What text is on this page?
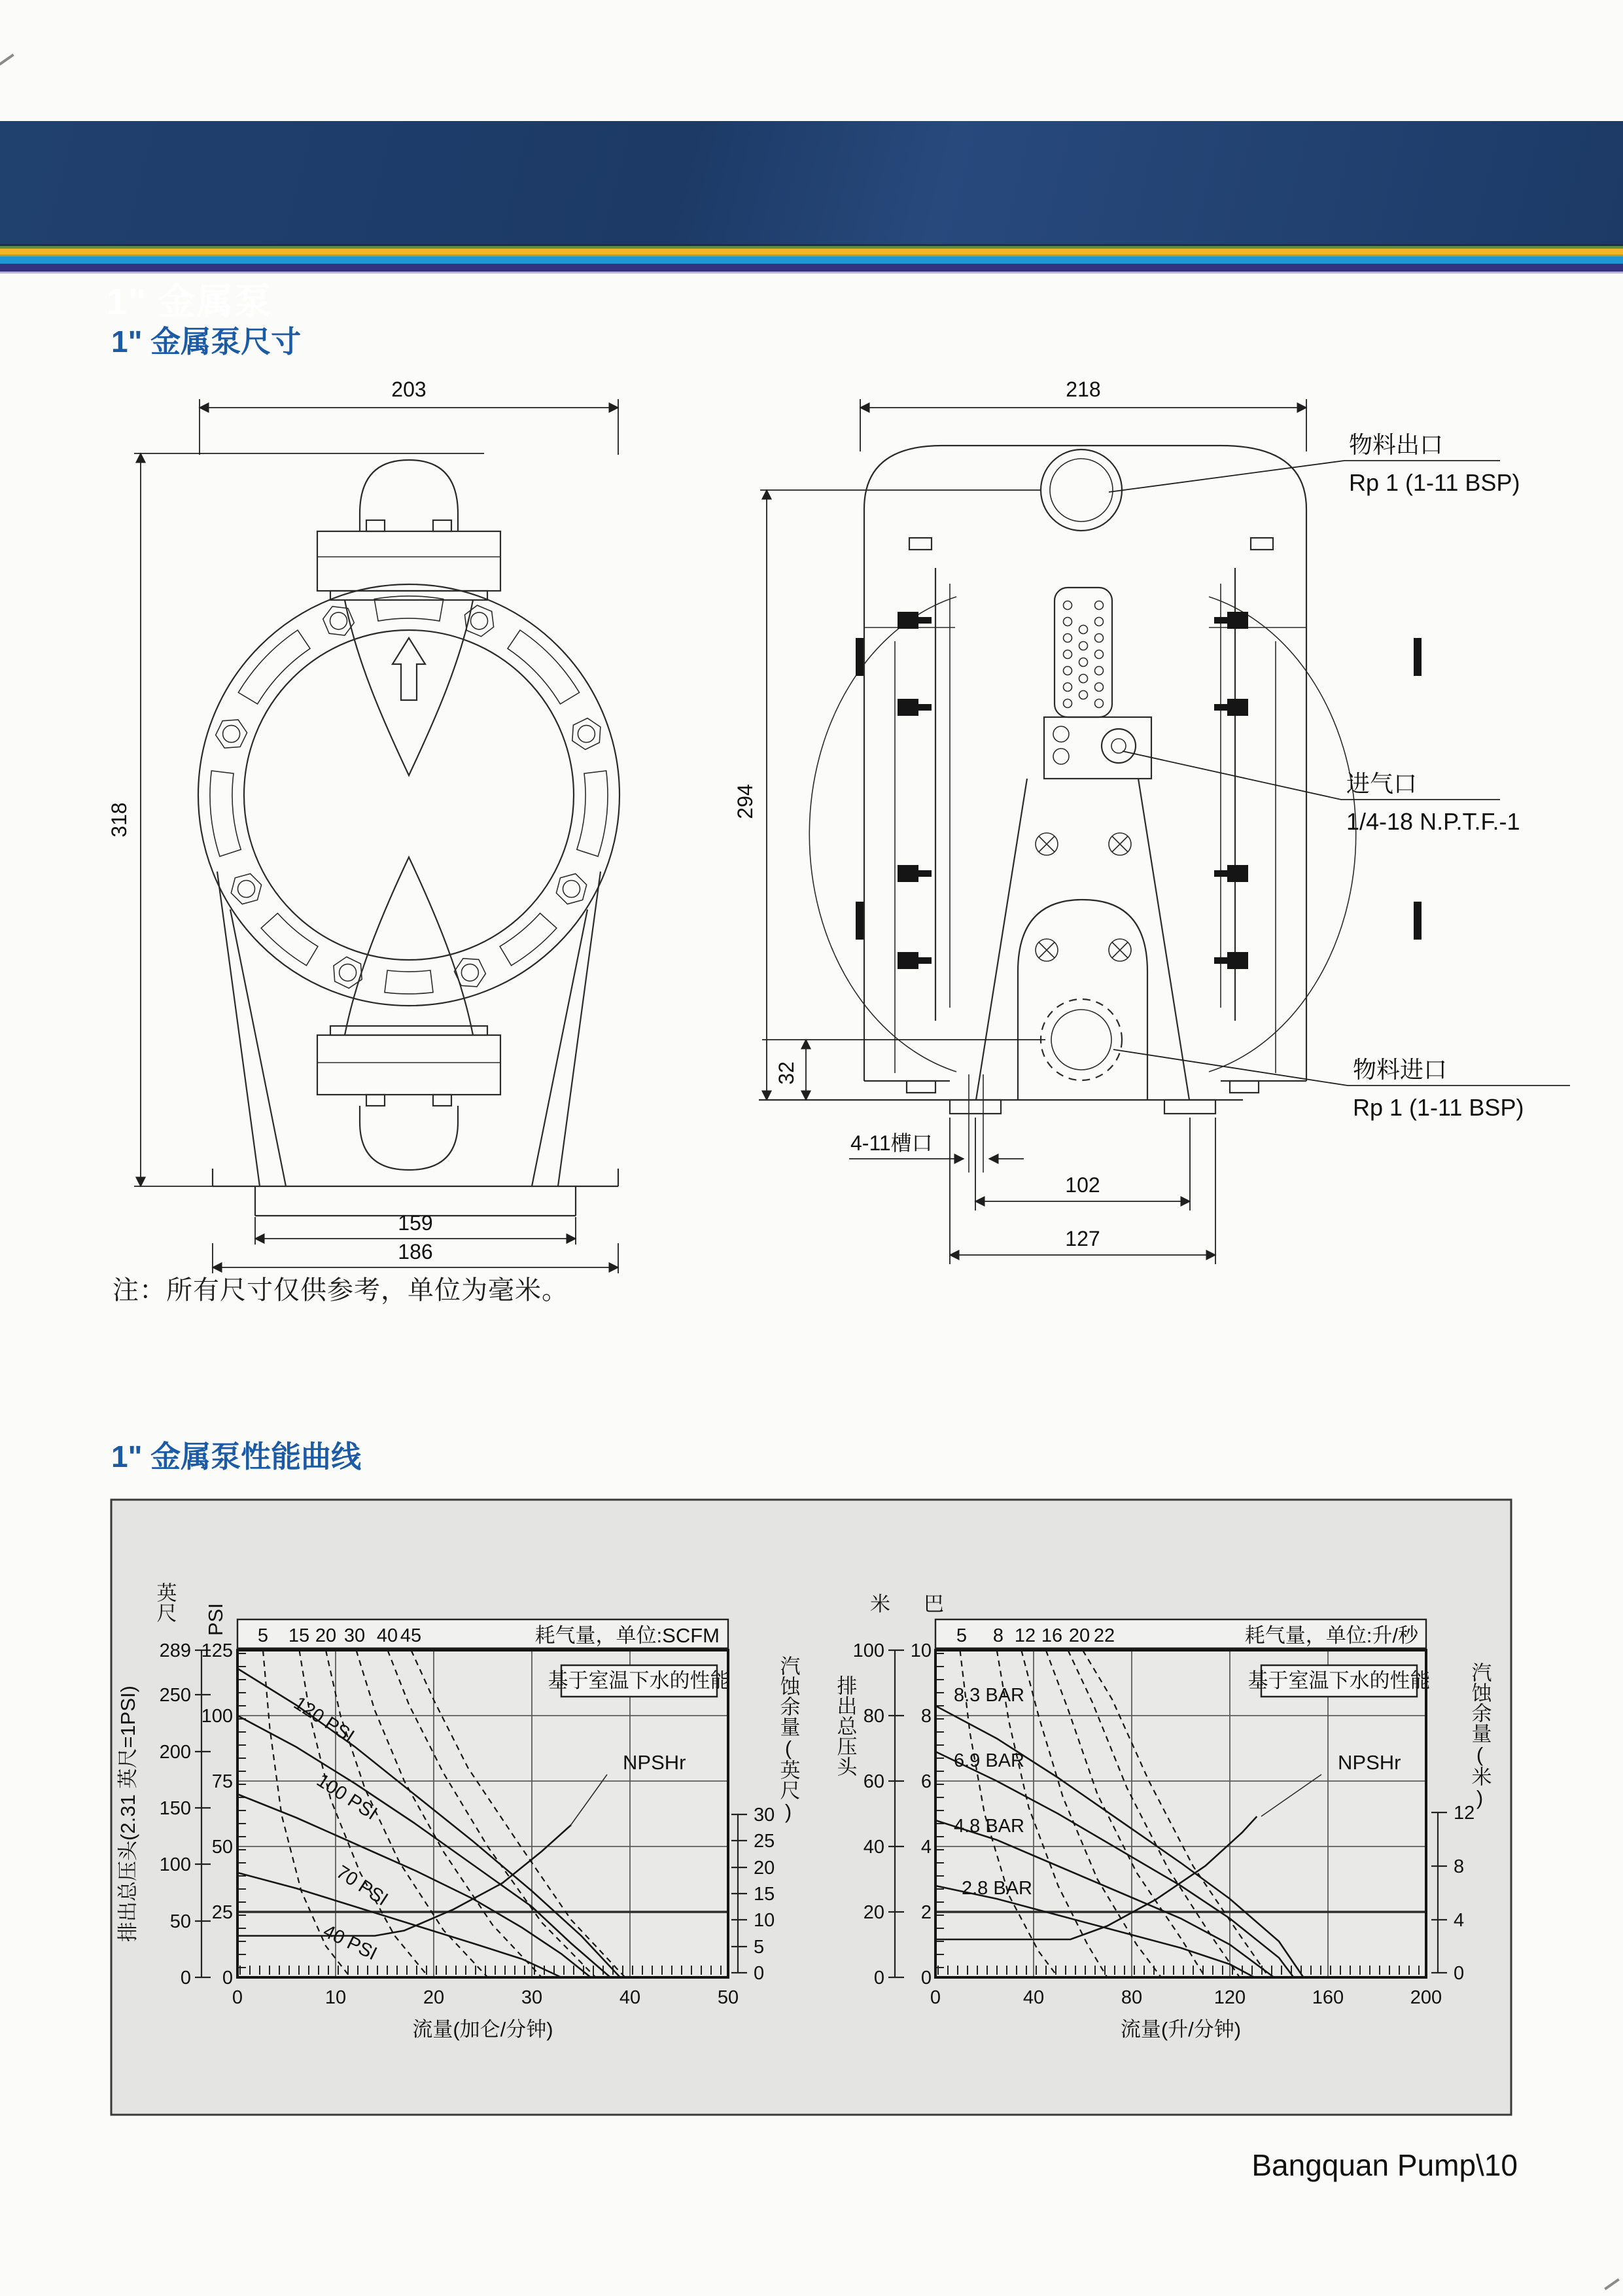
1" 金属泵
1" 金属泵尺寸
注：所有尺寸仅供参考，单位为毫米。
1" 金属泵性能曲线
Bangquan Pump\10
203
318
159
186
218
294
物料出口
Rp 1 (1-11 BSP)
进气口
1/4-18 N.P.T.F.-1
物料进口
Rp 1 (1-11 BSP)
32
4-11槽口
102
127
英尺 PSI
排出总压头(2.31 英尺=1PSI)
289
250
200
150
100
50
0
125
100
75
50
25
0
5 15 20 30 40 45	耗气量，单位:SCFM
120 PSI
100 PSI
70 PSI
40 PSI
NPSHr
基于室温下水的性能
0	10	20	30	40	50
流量(加仑/分钟)
30
25
20
15
10
5
0
汽蚀余量(英尺)
米 巴
排出总压头
100
80
60
40
20
0
10
8
6
4
2
0
5 8 12 16 20 22	耗气量，单位:升/秒
8.3 BAR
6.9 BAR
4.8 BAR
2.8 BAR
NPSHr
基于室温下水的性能
0	40	80	120	160	200
流量(升/分钟)
12
8
4
0
汽蚀余量(米)
